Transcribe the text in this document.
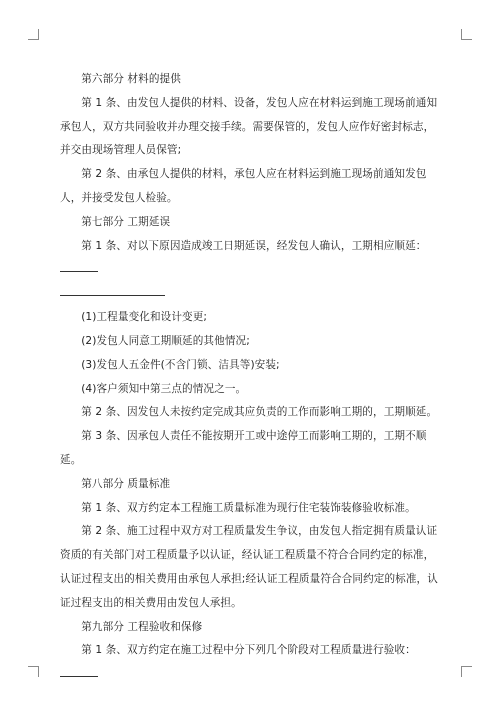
第六部分 材料的提供

第 1 条、由发包人提供的材料、设备，发包人应在材料运到施工现场前通知承包人，双方共同验收并办理交接手续。需要保管的，发包人应作好密封标志，并交由现场管理人员保管;

第 2 条、由承包人提供的材料，承包人应在材料运到施工现场前通知发包人，并接受发包人检验。

第七部分 工期延误

第 1 条、对以下原因造成竣工日期延误，经发包人确认，工期相应顺延：

(1)工程量变化和设计变更;

(2)发包人同意工期顺延的其他情况;

(3)发包人五金件(不含门锁、洁具等)安装;

(4)客户须知中第三点的情况之一。

第 2 条、因发包人未按约定完成其应负责的工作而影响工期的，工期顺延。

第 3 条、因承包人责任不能按期开工或中途停工而影响工期的，工期不顺延。

第八部分 质量标准

第 1 条、双方约定本工程施工质量标准为现行住宅装饰装修验收标准。

第 2 条、施工过程中双方对工程质量发生争议，由发包人指定拥有质量认证资质的有关部门对工程质量予以认证，经认证工程质量不符合合同约定的标准，认证过程支出的相关费用由承包人承担;经认证工程质量符合合同约定的标准，认证过程支出的相关费用由发包人承担。

第九部分 工程验收和保修

第 1 条、双方约定在施工过程中分下列几个阶段对工程质量进行验收：
